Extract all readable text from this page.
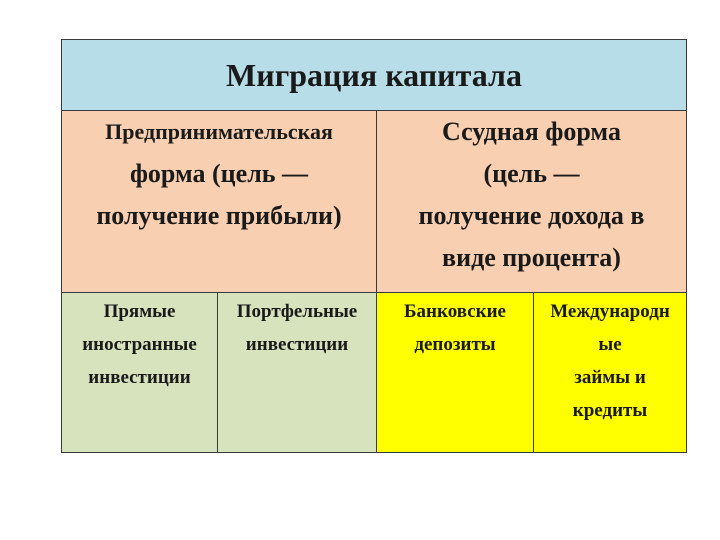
Миграция капитала
Предпринимательская
форма (цель —
получение прибыли)
Ссудная форма
(цель —
получение дохода в
виде процента)
Прямые
иностранные
инвестиции
Портфельные
инвестиции
Банковские
депозиты
Международн
ые
займы и
кредиты
